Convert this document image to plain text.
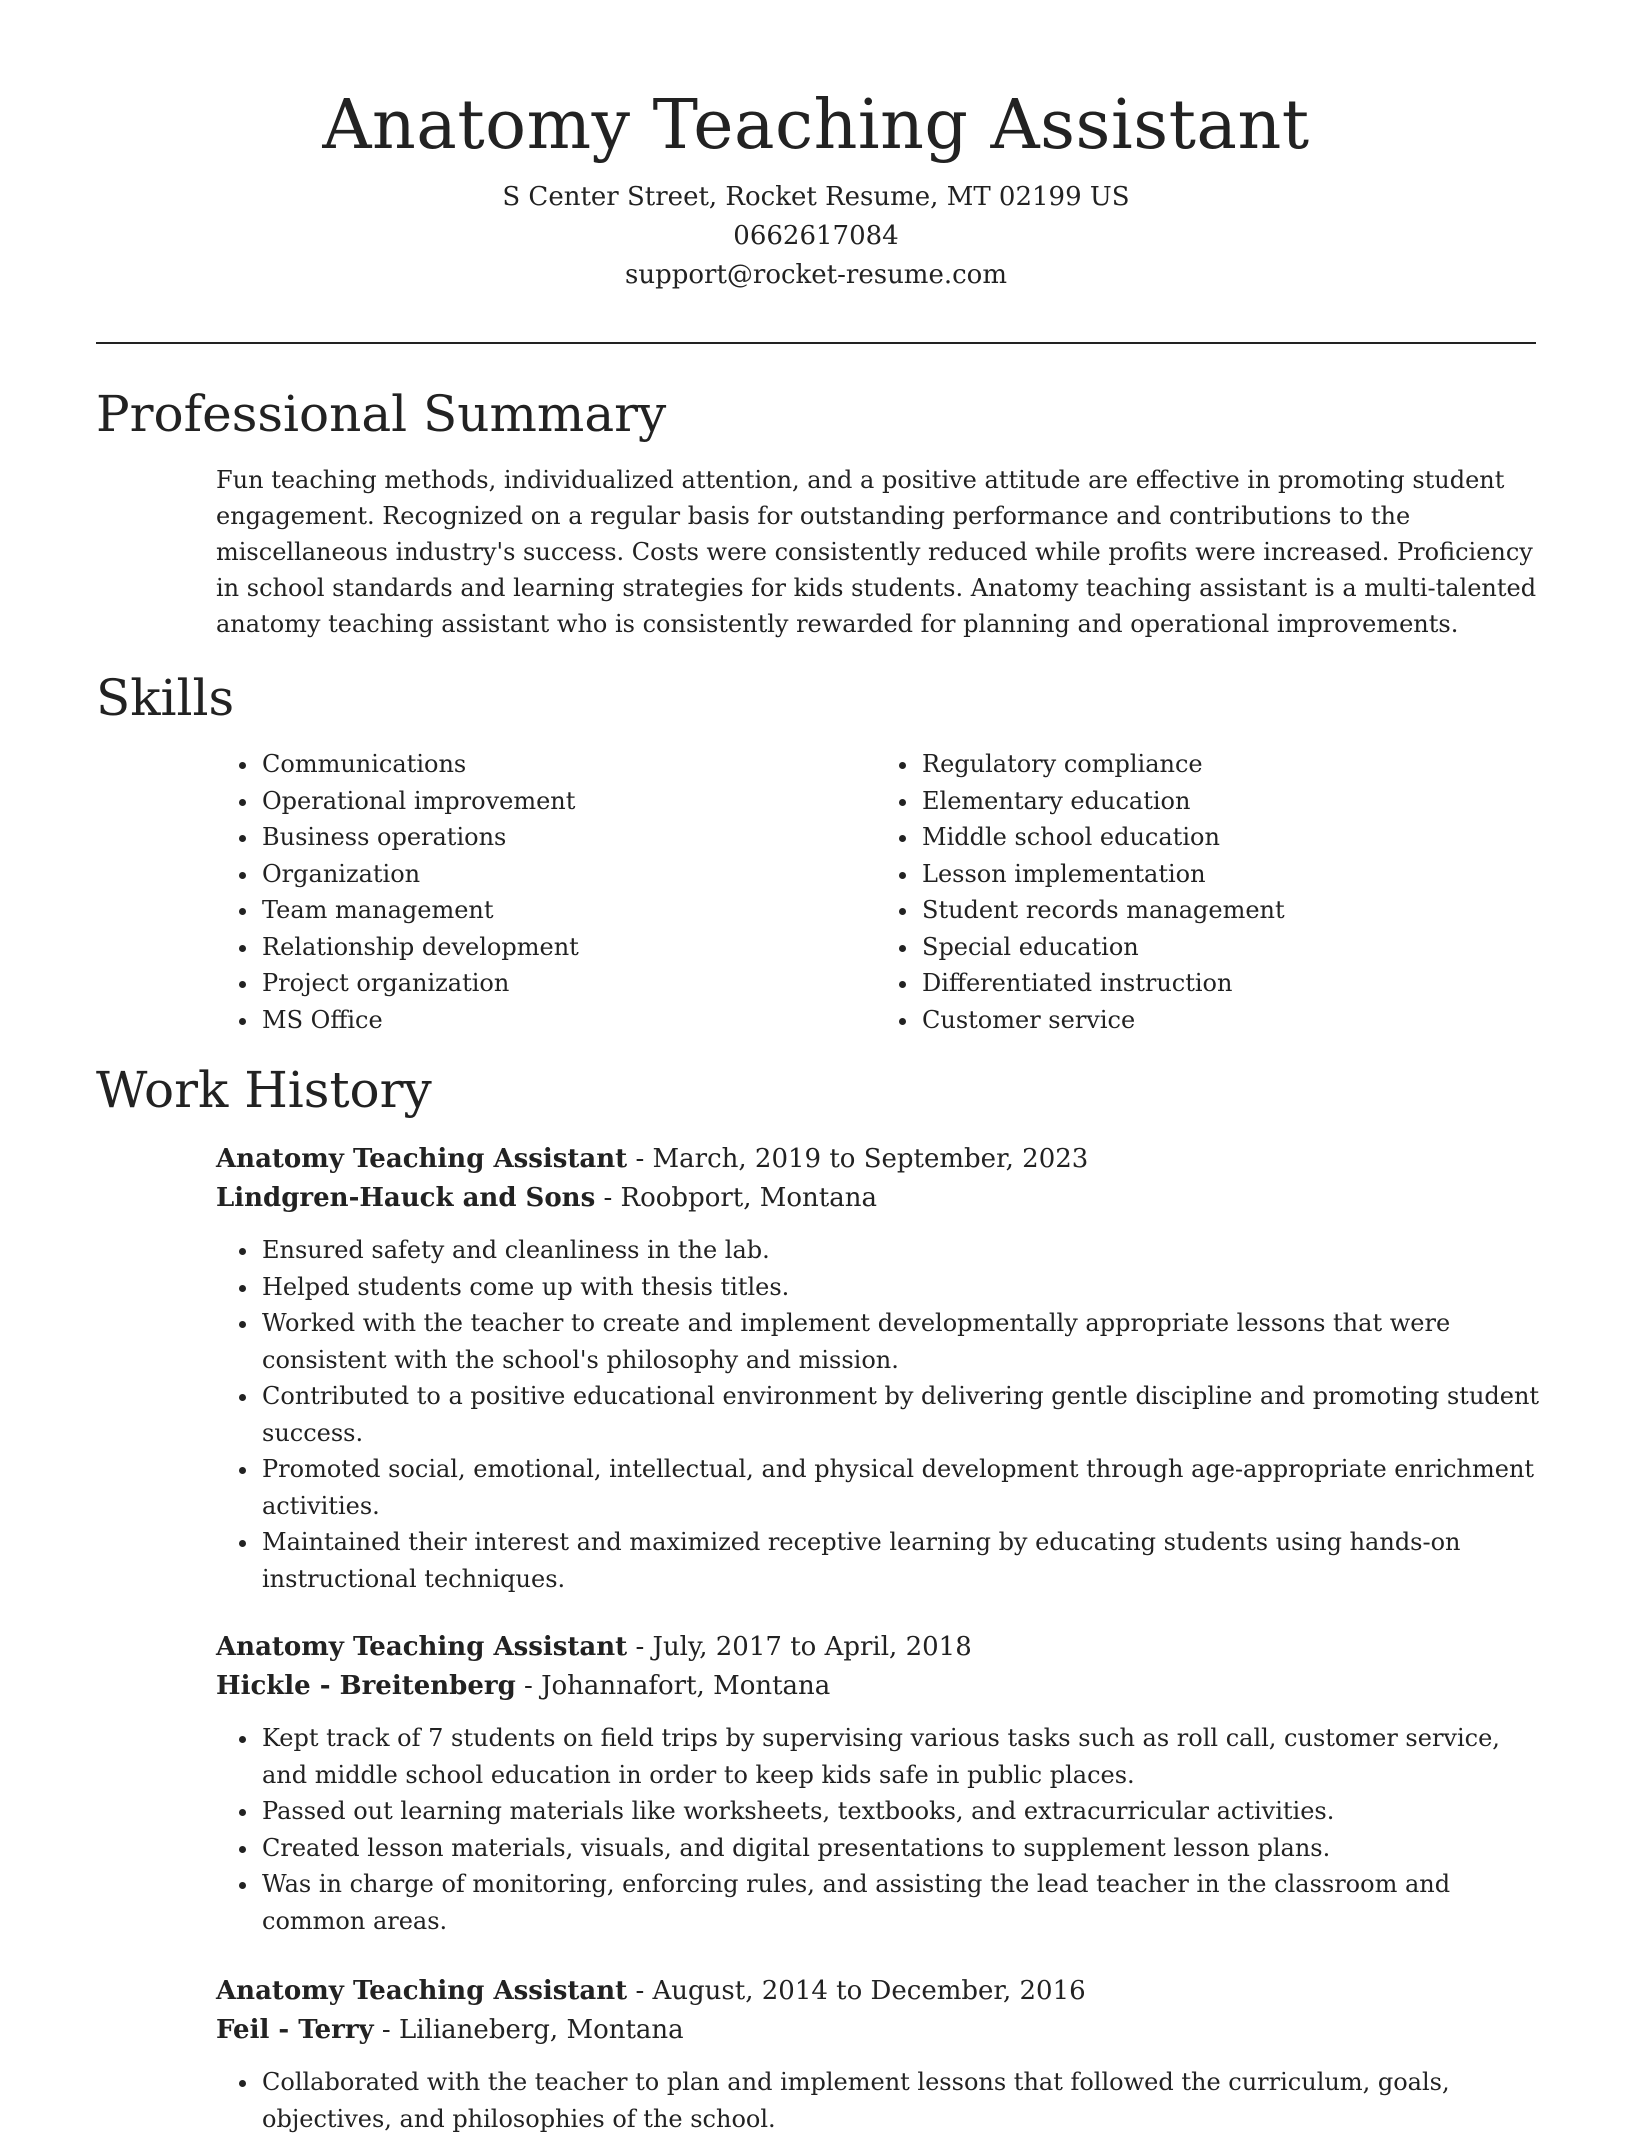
Anatomy Teaching Assistant
S Center Street, Rocket Resume, MT 02199 US
0662617084
support@rocket-resume.com
Professional Summary
Fun teaching methods, individualized attention, and a positive attitude are effective in promoting student engagement. Recognized on a regular basis for outstanding performance and contributions to the miscellaneous industry's success. Costs were consistently reduced while profits were increased. Proficiency in school standards and learning strategies for kids students. Anatomy teaching assistant is a multi-talented anatomy teaching assistant who is consistently rewarded for planning and operational improvements.
Skills
• Communications
• Operational improvement
• Business operations
• Organization
• Team management
• Relationship development
• Project organization
• MS Office
• Regulatory compliance
• Elementary education
• Middle school education
• Lesson implementation
• Student records management
• Special education
• Differentiated instruction
• Customer service
Work History
Anatomy Teaching Assistant - March, 2019 to September, 2023
Lindgren-Hauck and Sons - Roobport, Montana
• Ensured safety and cleanliness in the lab.
• Helped students come up with thesis titles.
• Worked with the teacher to create and implement developmentally appropriate lessons that were consistent with the school's philosophy and mission.
• Contributed to a positive educational environment by delivering gentle discipline and promoting student success.
• Promoted social, emotional, intellectual, and physical development through age-appropriate enrichment activities.
• Maintained their interest and maximized receptive learning by educating students using hands-on instructional techniques.
Anatomy Teaching Assistant - July, 2017 to April, 2018
Hickle - Breitenberg - Johannafort, Montana
• Kept track of 7 students on field trips by supervising various tasks such as roll call, customer service, and middle school education in order to keep kids safe in public places.
• Passed out learning materials like worksheets, textbooks, and extracurricular activities.
• Created lesson materials, visuals, and digital presentations to supplement lesson plans.
• Was in charge of monitoring, enforcing rules, and assisting the lead teacher in the classroom and common areas.
Anatomy Teaching Assistant - August, 2014 to December, 2016
Feil - Terry - Lilianeberg, Montana
• Collaborated with the teacher to plan and implement lessons that followed the curriculum, goals, objectives, and philosophies of the school.
